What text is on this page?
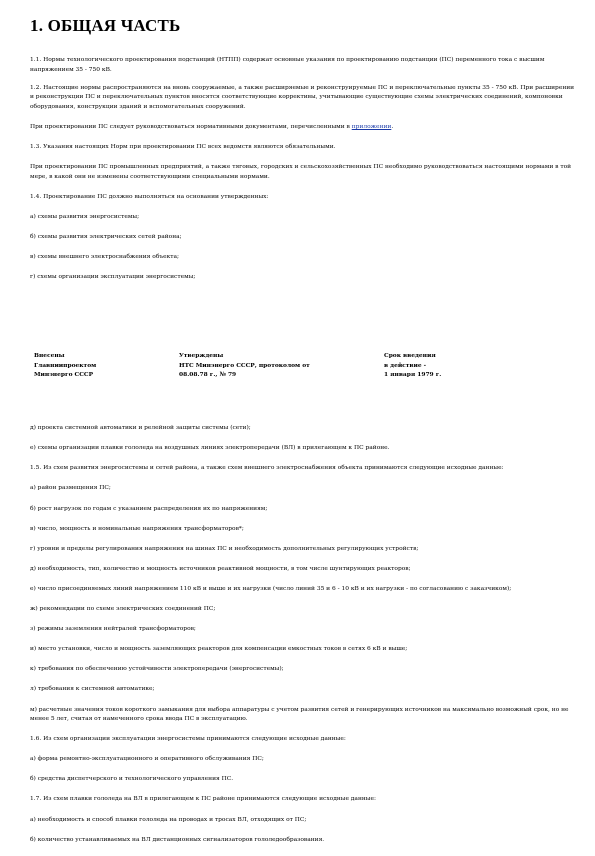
1. ОБЩАЯ ЧАСТЬ

1.1. Нормы технологического проектирования подстанций (НТПП) содержат основные указания по проектированию подстанции (ПС) переменного тока с высшим напряжением 35 - 750 кВ.

1.2. Настоящие нормы распространяются на вновь сооружаемые, а также расширяемые и реконструируемые ПС и переключательные пункты 35 - 750 кВ. При расширении и реконструкции ПС и переключательных пунктов вносятся соответствующие коррективы, учитывающие существующие схемы электрических соединений, компоновки оборудования, конструкции зданий и вспомогательных сооружений.

При проектировании ПС следует руководствоваться нормативными документами, перечисленными в приложении.

1.3. Указания настоящих Норм при проектировании ПС всех ведомств являются обязательными.

При проектировании ПС промышленных предприятий, а также тяговых, городских и сельскохозяйственных ПС необходимо руководствоваться настоящими нормами в той мере, в какой они не изменены соответствующими специальными нормами.

1.4. Проектирование ПС должно выполняться на основании утвержденных:

а) схемы развития энергосистемы;

б) схемы развития электрических сетей района;

в) схемы внешнего электроснабжения объекта;

г) схемы организации эксплуатации энергосистемы;

Внесены
Главниипроектом
Минэнерго СССР
Утверждены
НТС Минэнерго СССР, протоколом от
08.08.78 г., № 79
Срок введения
в действие -
1 января 1979 г.

д) проекта системной автоматики и релейной защиты системы (сети);

е) схемы организации плавки гололеда на воздушных линиях электропередачи (ВЛ) в прилегающем к ПС районе.

1.5. Из схем развития энергосистемы и сетей района, а также схем внешнего электроснабжения объекта принимаются следующие исходные данные:

а) район размещения ПС;

б) рост нагрузок по годам с указанием распределения их по напряжениям;

в) число, мощность и номинальные напряжения трансформаторов*;

г) уровни и пределы регулирования напряжения на шинах ПС и необходимость дополнительных регулирующих устройств;

д) необходимость, тип, количество и мощность источников реактивной мощности, в том числе шунтирующих реакторов;

е) число присоединяемых линий напряжением 110 кВ и выше и их нагрузки (число линий 35 и 6 - 10 кВ и их нагрузки - по согласованию с заказчиком);

ж) рекомендации по схеме электрических соединений ПС;

з) режимы заземления нейтралей трансформаторов;

и) место установки, число и мощность заземляющих реакторов для компенсации емкостных токов в сетях 6 кВ и выше;

к) требования по обеспечению устойчивости электропередачи (энергосистемы);

л) требования к системной автоматике;

м) расчетные значения токов короткого замыкания для выбора аппаратуры с учетом развития сетей и генерирующих источников на максимально возможный срок, но не менее 5 лет, считая от намеченного срока ввода ПС в эксплуатацию.

1.6. Из схем организации эксплуатации энергосистемы принимаются следующие исходные данные:

а) форма ремонтно-эксплуатационного и оперативного обслуживания ПС;

б) средства диспетчерского и технологического управления ПС.

1.7. Из схем плавки гололеда на ВЛ в прилегающем к ПС районе принимаются следующие исходные данные:

а) необходимость и способ плавки гололеда на проводах и тросах ВЛ, отходящих от ПС;

б) количество устанавливаемых на ВЛ дистанционных сигнализаторов гололедообразования.
